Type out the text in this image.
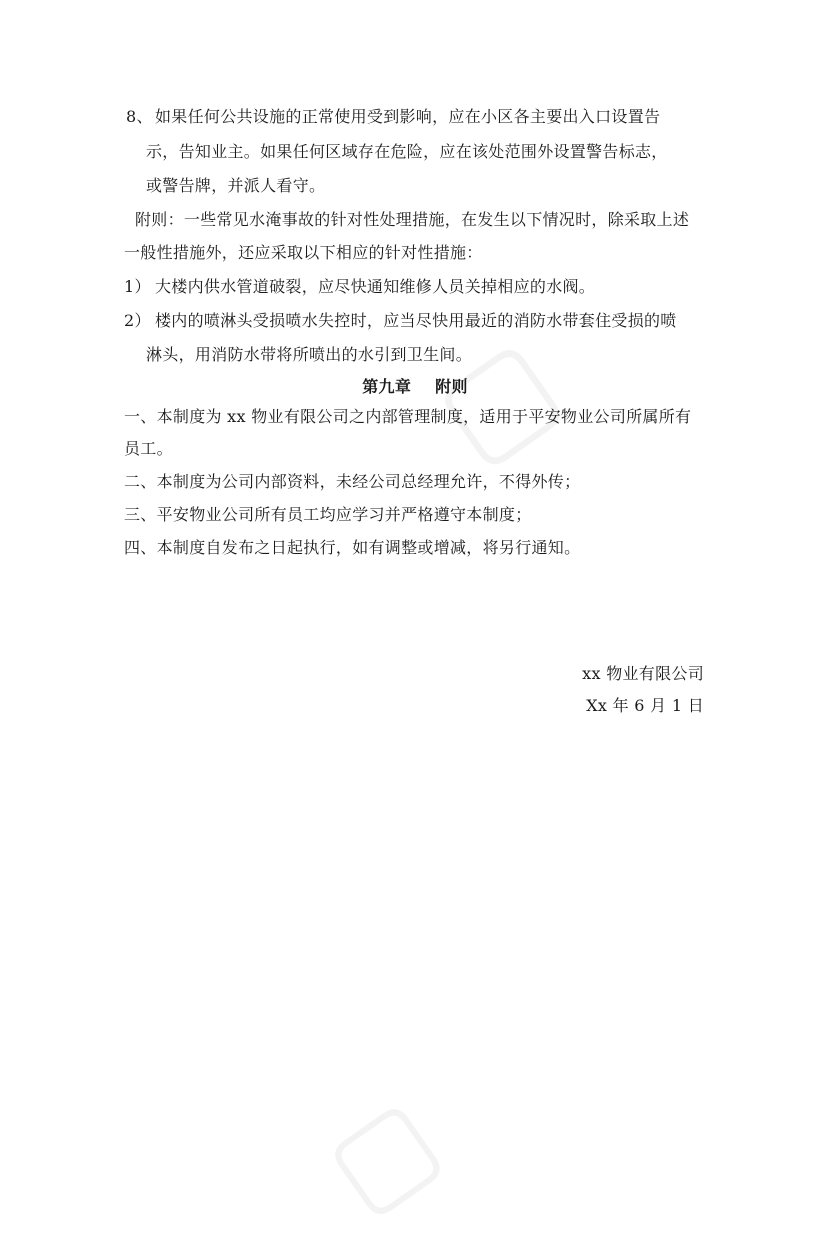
8、 如果任何公共设施的正常使用受到影响，应在小区各主要出入口设置告
示，告知业主。如果任何区域存在危险，应在该处范围外设置警告标志，
或警告牌，并派人看守。
附则：一些常见水淹事故的针对性处理措施，在发生以下情况时，除采取上述
一般性措施外，还应采取以下相应的针对性措施：
1） 大楼内供水管道破裂，应尽快通知维修人员关掉相应的水阀。
2） 楼内的喷淋头受损喷水失控时，应当尽快用最近的消防水带套住受损的喷
淋头，用消防水带将所喷出的水引到卫生间。
第九章 附则
一、本制度为 xx 物业有限公司之内部管理制度，适用于平安物业公司所属所有
员工。
二、本制度为公司内部资料，未经公司总经理允许，不得外传；
三、平安物业公司所有员工均应学习并严格遵守本制度；
四、本制度自发布之日起执行，如有调整或增减，将另行通知。
xx 物业有限公司
Xx 年 6 月 1 日
